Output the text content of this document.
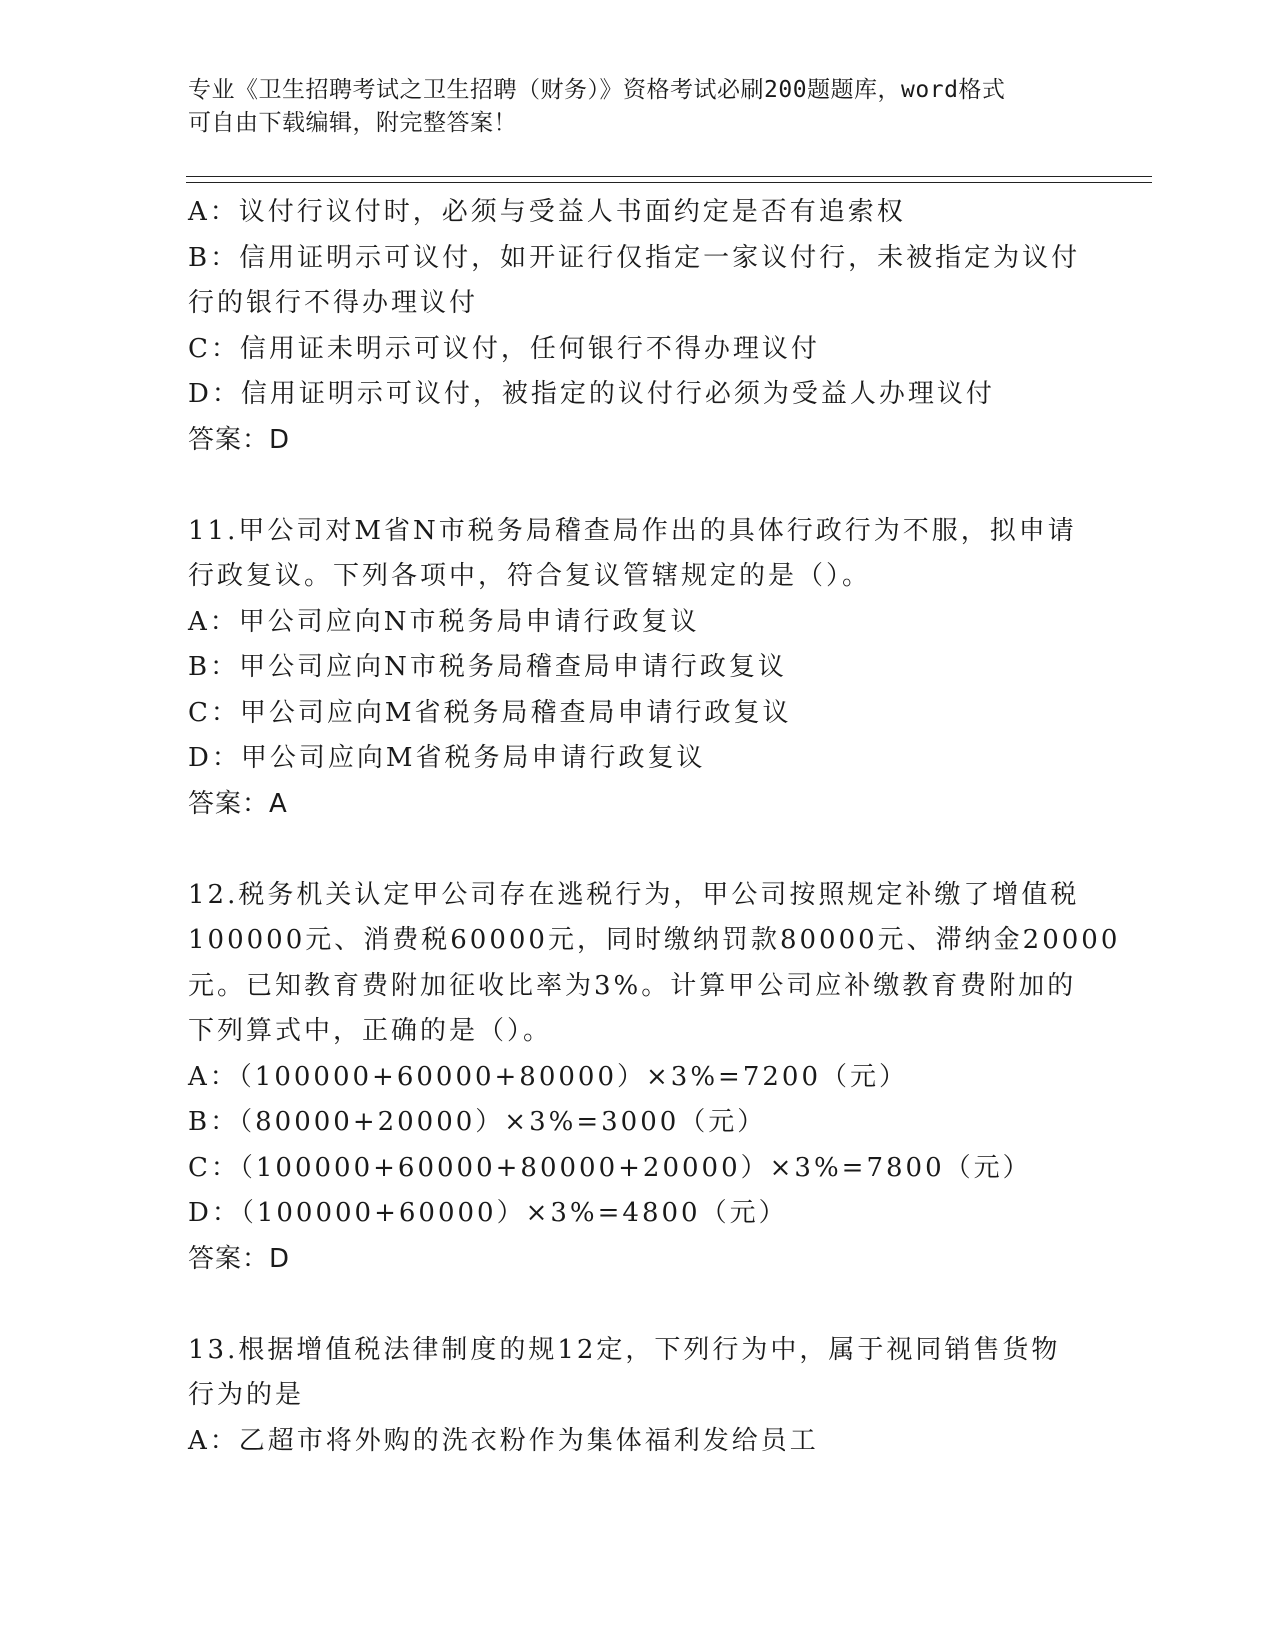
专业《卫生招聘考试之卫生招聘（财务）》资格考试必刷200题题库，word格式
可自由下载编辑，附完整答案！
A：议付行议付时，必须与受益人书面约定是否有追索权
B：信用证明示可议付，如开证行仅指定一家议付行，未被指定为议付
行的银行不得办理议付
C：信用证未明示可议付，任何银行不得办理议付
D：信用证明示可议付，被指定的议付行必须为受益人办理议付
答案：D
11.甲公司对M省N市税务局稽查局作出的具体行政行为不服，拟申请
行政复议。下列各项中，符合复议管辖规定的是（）。
A：甲公司应向N市税务局申请行政复议
B：甲公司应向N市税务局稽查局申请行政复议
C：甲公司应向M省税务局稽查局申请行政复议
D：甲公司应向M省税务局申请行政复议
答案：A
12.税务机关认定甲公司存在逃税行为，甲公司按照规定补缴了增值税
100000元、消费税60000元，同时缴纳罚款80000元、滞纳金20000
元。已知教育费附加征收比率为3%。计算甲公司应补缴教育费附加的
下列算式中，正确的是（）。
A：（100000+60000+80000）×3%=7200（元）
B：（80000+20000）×3%=3000（元）
C：（100000+60000+80000+20000）×3%=7800（元）
D：（100000+60000）×3%=4800（元）
答案：D
13.根据增值税法律制度的规12定，下列行为中，属于视同销售货物
行为的是
A：乙超市将外购的洗衣粉作为集体福利发给员工
